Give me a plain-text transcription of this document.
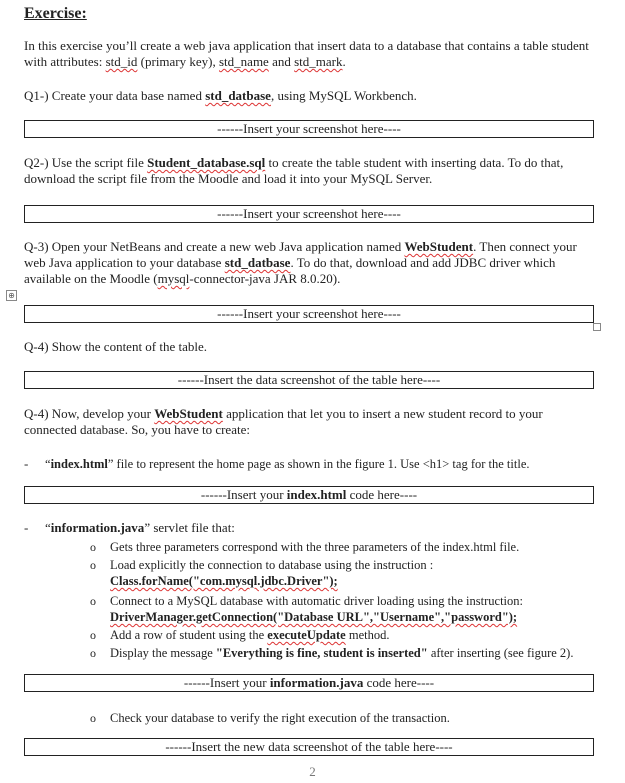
Exercise:
In this exercise you’ll create a web java application that insert data to a database that contains a table student with attributes: std_id (primary key), std_name and std_mark.
Q1-) Create your data base named std_datbase, using MySQL Workbench.
------Insert your screenshot here----
Q2-) Use the script file Student_database.sql to create the table student with inserting data. To do that, download the script file from the Moodle and load it into your MySQL Server.
------Insert your screenshot here----
Q-3) Open your NetBeans and create a new web Java application named WebStudent. Then connect your web Java application to your database std_datbase. To do that, download and add JDBC driver which available on the Moodle (mysql-connector-java JAR 8.0.20).
⊕
------Insert your screenshot here----
Q-4) Show the content of the table.
------Insert the data screenshot of the table here----
Q-4) Now, develop your WebStudent application that let you to insert a new student record to your connected database. So, you have to create:
- “index.html” file to represent the home page as shown in the figure 1. Use <h1> tag for the title.
------Insert your index.html code here----
- “information.java” servlet file that:
o Gets three parameters correspond with the three parameters of the index.html file.
o Load explicitly the connection to database using the instruction :
Class.forName("com.mysql.jdbc.Driver");
o Connect to a MySQL database with automatic driver loading using the instruction:
DriverManager.getConnection("Database URL","Username","password");
o Add a row of student using the executeUpdate method.
o Display the message "Everything is fine, student is inserted" after inserting (see figure 2).
------Insert your information.java code here----
o Check your database to verify the right execution of the transaction.
------Insert the new data screenshot of the table here----
2
